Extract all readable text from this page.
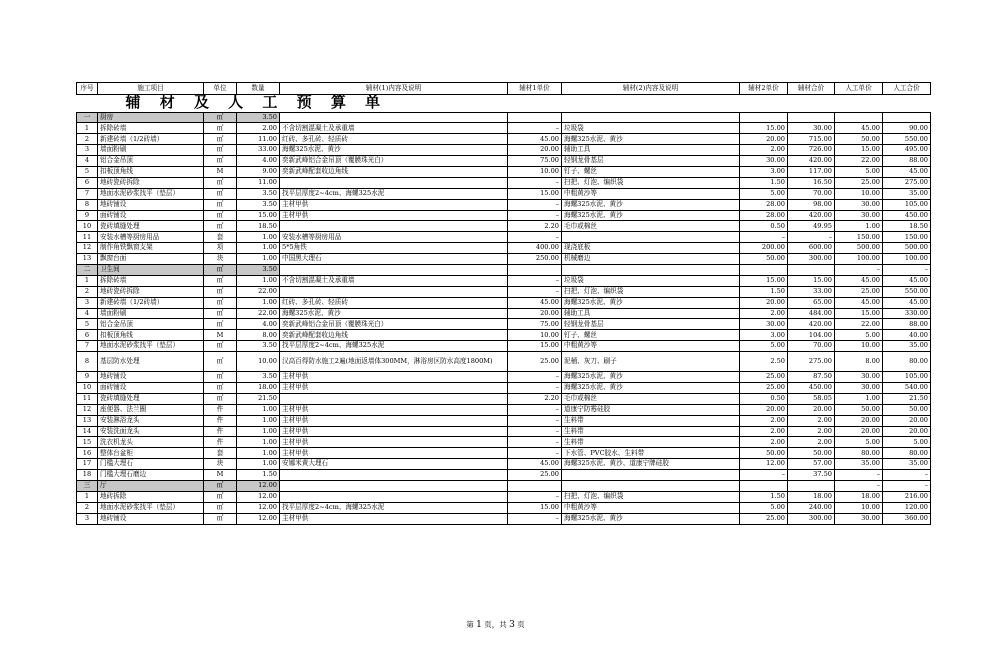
序号	施工项目	单位	数量	辅材(1)内容及说明	辅材1单价	辅材(2)内容及说明	辅材2单价	辅材合价	人工单价	人工合价
	辅 材 及 人 工 预 算 单									
一	厨房	㎡	3.50							
1	拆除砖墙	㎡	2.00	不含切割混凝土及承重墙	–	垃圾袋	15.00	30.00	45.00	90.00
2	新建砖墙（1/2砖墙）	㎡	11.00	红砖、多孔砖、轻质砖	45.00	海螺325水泥、黄沙	20.00	715.00	50.00	550.00
3	墙面粉刷	㎡	33.00	海螺325水泥、黄沙	20.00	辅助工具	2.00	726.00	15.00	495.00
4	铝合金吊顶	㎡	4.00	奕新武峰铝合金吊顶（覆膜珠光白）	75.00	轻钢龙骨基层	30.00	420.00	22.00	88.00
5	扣板顶角线	M	9.00	奕新武峰配套收边角线	10.00	钉子、螺丝	3.00	117.00	5.00	45.00
6	地砖瓷砖拆除	㎡	11.00		–	扫把、灯泡、编织袋	1.50	16.50	25.00	275.00
7	地面水泥砂浆找平（垫层）	㎡	3.50	找平层厚度2~4cm、海螺325水泥	15.00	中粗黄沙等	5.00	70.00	10.00	35.00
8	地砖铺设	㎡	3.50	主材甲供	–	海螺325水泥、黄沙	28.00	98.00	30.00	105.00
9	面砖铺设	㎡	15.00	主材甲供	–	海螺325水泥、黄沙	28.00	420.00	30.00	450.00
10	瓷砖填缝处理	㎡	18.50		2.20	毛巾或棉丝	0.50	49.95	1.00	18.50
11	安装水槽等厨房用品	套	1.00	安装水槽等厨房用品	–		–	–	150.00	150.00
12	制作角铁飘窗支架	项	1.00	5*5角铁	400.00	现浇底板	200.00	600.00	500.00	500.00
13	飘窗台面	块	1.00	中国黑大理石	250.00	机械磨边	50.00	300.00	100.00	100.00
二	卫生间	㎡	3.50						–	–
1	拆除砖墙	㎡	1.00	不含切割混凝土及承重墙	–	垃圾袋	15.00	15.00	45.00	45.00
2	地砖瓷砖拆除	㎡	22.00		–	扫把、灯泡、编织袋	1.50	33.00	25.00	550.00
3	新建砖墙（1/2砖墙）	㎡	1.00	红砖、多孔砖、轻质砖	45.00	海螺325水泥、黄沙	20.00	65.00	45.00	45.00
4	墙面粉刷	㎡	22.00	海螺325水泥、黄沙	20.00	辅助工具	2.00	484.00	15.00	330.00
5	铝合金吊顶	㎡	4.00	奕新武峰铝合金吊顶（覆膜珠光白）	75.00	轻钢龙骨基层	30.00	420.00	22.00	88.00
6	扣板顶角线	M	8.00	奕新武峰配套收边角线	10.00	钉子、螺丝	3.00	104.00	5.00	40.00
7	地面水泥砂浆找平（垫层）	㎡	3.50	找平层厚度2~4cm、海螺325水泥	15.00	中粗黄沙等	5.00	70.00	10.00	35.00
8	基层防水处理	㎡	10.00	汉高百得防水施工2遍(地面返墙体300MM，淋浴房区防水高度1800M)	25.00	泥桶、灰刀、刷子	2.50	275.00	8.00	80.00
9	地砖铺设	㎡	3.50	主材甲供	–	海螺325水泥、黄沙	25.00	87.50	30.00	105.00
10	面砖铺设	㎡	18.00	主材甲供	–	海螺325水泥、黄沙	25.00	450.00	30.00	540.00
11	瓷砖填缝处理	㎡	21.50		2.20	毛巾或棉丝	0.50	58.05	1.00	21.50
12	座便器、法兰圈	件	1.00	主材甲供	–	道康宁防霉硅胶	20.00	20.00	50.00	50.00
13	安装淋浴龙头	件	1.00	主材甲供	–	生料带	2.00	2.00	20.00	20.00
14	安装洗面龙头	件	1.00	主材甲供	–	生料带	2.00	2.00	20.00	20.00
15	洗衣机龙头	件	1.00	主材甲供	–	生料带	2.00	2.00	5.00	5.00
16	整体台盆柜	套	1.00	主材甲供	–	下水管、PVC胶水、生料带	50.00	50.00	80.00	80.00
17	门槛大理石	块	1.00	安娜米黄大理石	45.00	海螺325水泥、黄沙、道康宁牌硅胶	12.00	57.00	35.00	35.00
18	门槛大理石磨边	M	1.50		25.00		–	37.50	–	–
三	厅	㎡	12.00						–	–
1	地砖拆除	㎡	12.00		–	扫把、灯泡、编织袋	1.50	18.00	18.00	216.00
2	地面水泥砂浆找平（垫层）	㎡	12.00	找平层厚度2~4cm、海螺325水泥	15.00	中粗黄沙等	5.00	240.00	10.00	120.00
3	地砖铺设	㎡	12.00	主材甲供	–	海螺325水泥、黄沙	25.00	300.00	30.00	360.00
第 1 页，共 3 页
